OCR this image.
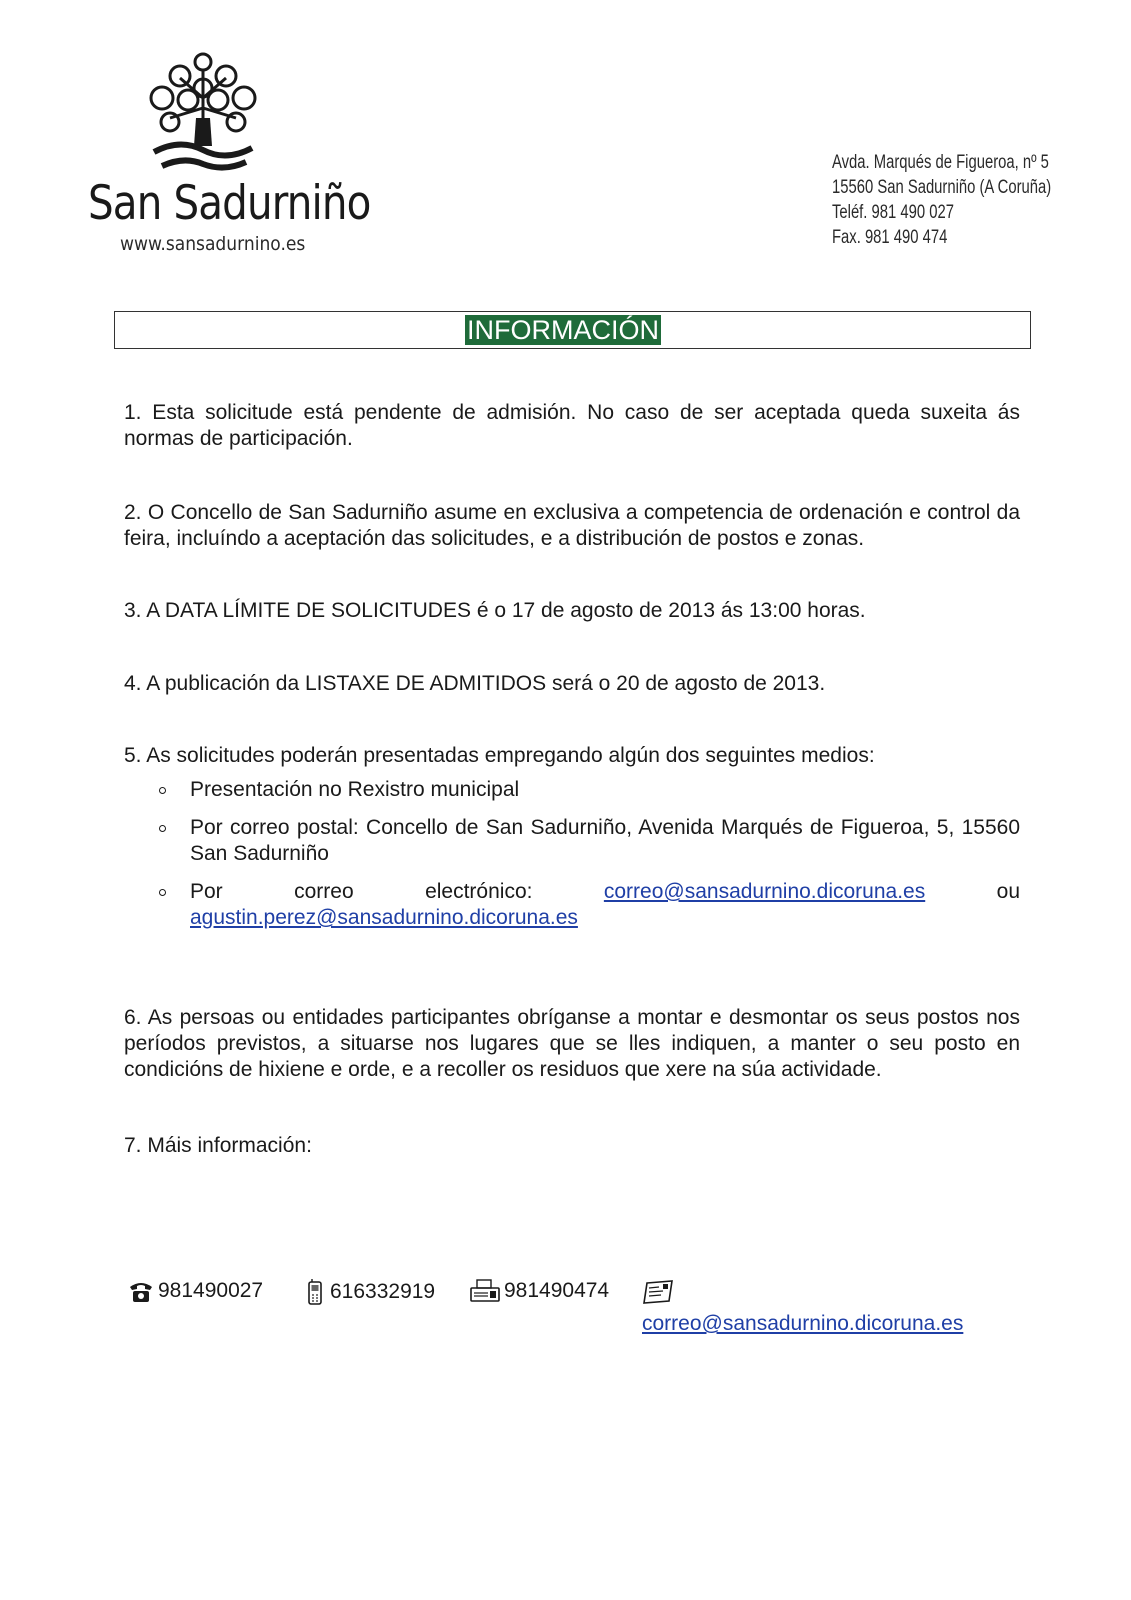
San Sadurniño
www.sansadurnino.es
Avda. Marqués de Figueroa, nº 5
15560 San Sadurniño (A Coruña)
Teléf. 981 490 027
Fax. 981 490 474
INFORMACIÓN

1. Esta solicitude está pendente de admisión. No caso de ser aceptada queda suxeita ás normas de participación.

2. O Concello de San Sadurniño asume en exclusiva a competencia de ordenación e control da feira, incluíndo a aceptación das solicitudes, e a distribución de postos e zonas.

3. A DATA LÍMITE DE SOLICITUDES é o 17 de agosto de 2013 ás 13:00 horas.

4. A publicación da LISTAXE DE ADMITIDOS será o 20 de agosto de 2013.

5. As solicitudes poderán presentadas empregando algún dos seguintes medios:

Presentación no Rexistro municipal
Por correo postal: Concello de San Sadurniño, Avenida Marqués de Figueroa, 5, 15560 San Sadurniño
Por	correo	electrónico:	correo@sansadurnino.dicoruna.es	ou
agustin.perez@sansadurnino.dicoruna.es

6. As persoas ou entidades participantes obríganse a montar e desmontar os seus postos nos períodos previstos, a situarse nos lugares que se lles indiquen, a manter o seu posto en condicións de hixiene e orde, e a recoller os residuos que xere na súa actividade.

7. Máis información:

981490027	616332919	981490474
correo@sansadurnino.dicoruna.es
